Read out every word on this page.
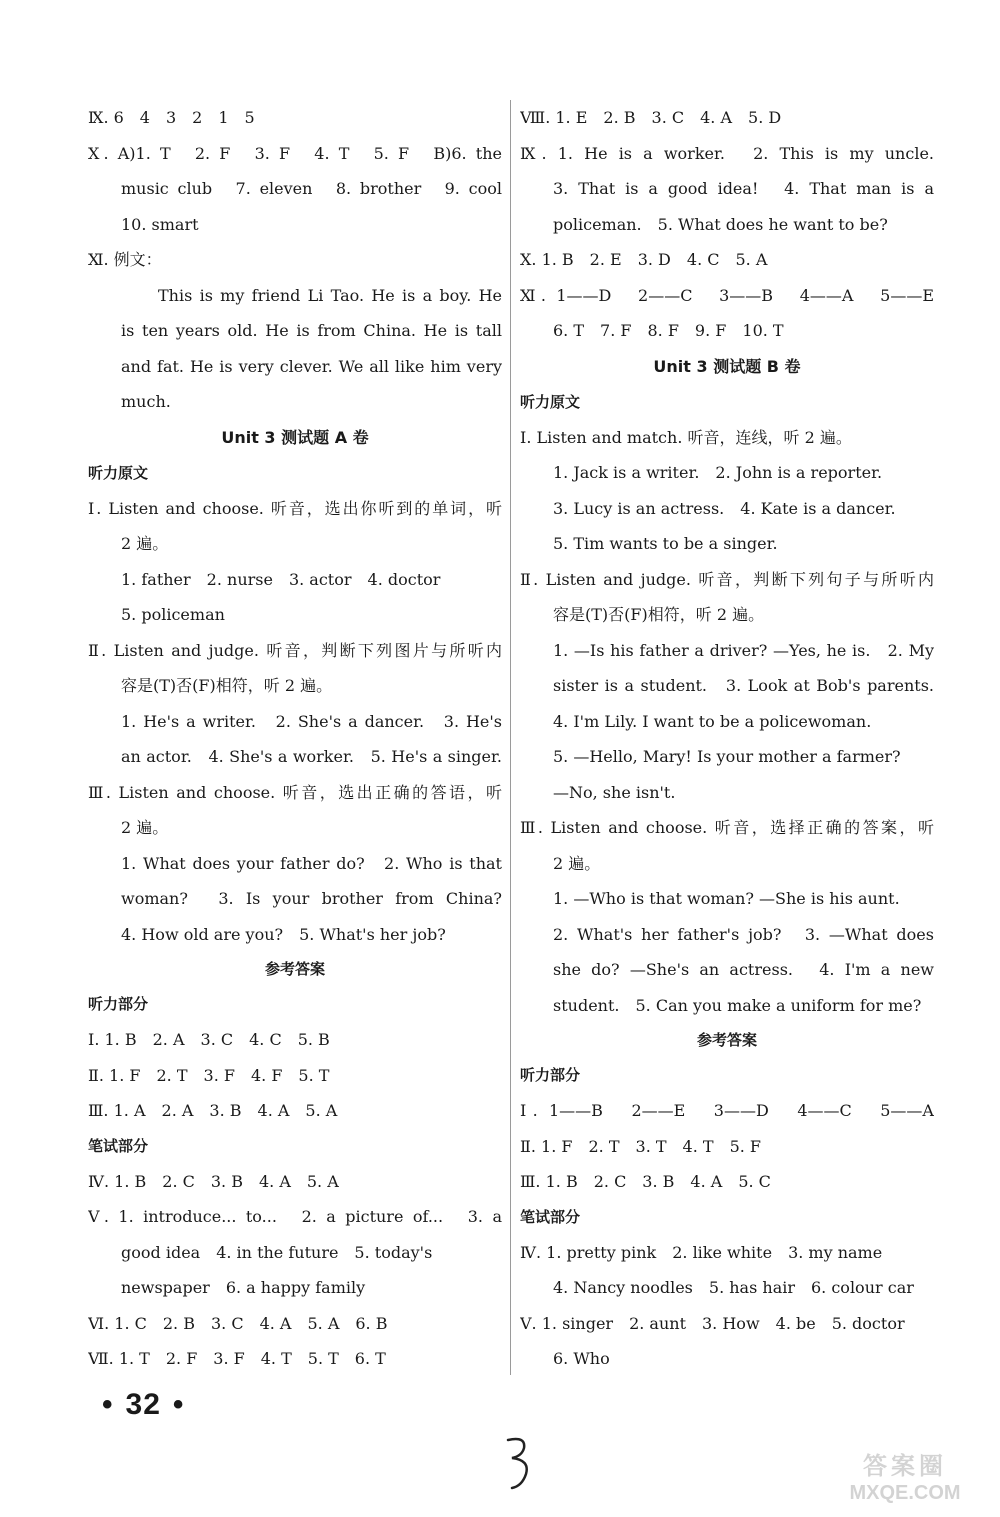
Ⅸ. 6　4　3　2　1　5
Ⅹ. A)1. T　2. F　3. F　4. T　5. F　B)6. the
music club　7. eleven　8. brother　9. cool
10. smart
Ⅺ. 例文：
This is my friend Li Tao. He is a boy. He
is ten years old. He is from China. He is tall
and fat. He is very clever. We all like him very
much.
Unit 3 测试题 A 卷
听力原文
Ⅰ. Listen and choose. 听音，选出你听到的单词，听
2 遍。
1. father　2. nurse　3. actor　4. doctor
5. policeman
Ⅱ. Listen and judge. 听音，判断下列图片与所听内
容是(T)否(F)相符，听 2 遍。
1. He's a writer.　2. She's a dancer.　3. He's
an actor.　4. She's a worker.　5. He's a singer.
Ⅲ. Listen and choose. 听音，选出正确的答语，听
2 遍。
1. What does your father do?　2. Who is that
woman?　3. Is your brother from China?
4. How old are you?　5. What's her job?
参考答案
听力部分
Ⅰ. 1. B　2. A　3. C　4. C　5. B
Ⅱ. 1. F　2. T　3. F　4. F　5. T
Ⅲ. 1. A　2. A　3. B　4. A　5. A
笔试部分
Ⅳ. 1. B　2. C　3. B　4. A　5. A
Ⅴ. 1. introduce... to...　2. a picture of...　3. a
good idea　4. in the future　5. today's
newspaper　6. a happy family
Ⅵ. 1. C　2. B　3. C　4. A　5. A　6. B
Ⅶ. 1. T　2. F　3. F　4. T　5. T　6. T
Ⅷ. 1. E　2. B　3. C　4. A　5. D
Ⅸ. 1. He is a worker.　2. This is my uncle.
3. That is a good idea!　4. That man is a
policeman.　5. What does he want to be?
Ⅹ. 1. B　2. E　3. D　4. C　5. A
Ⅺ. 1——D　2——C　3——B　4——A　5——E
6. T　7. F　8. F　9. F　10. T
Unit 3 测试题 B 卷
听力原文
Ⅰ. Listen and match. 听音，连线，听 2 遍。
1. Jack is a writer.　2. John is a reporter.
3. Lucy is an actress.　4. Kate is a dancer.
5. Tim wants to be a singer.
Ⅱ. Listen and judge. 听音，判断下列句子与所听内
容是(T)否(F)相符，听 2 遍。
1. —Is his father a driver? —Yes, he is.　2. My
sister is a student.　3. Look at Bob's parents.
4. I'm Lily. I want to be a policewoman.
5. —Hello, Mary! Is your mother a farmer?
—No, she isn't.
Ⅲ. Listen and choose. 听音，选择正确的答案，听
2 遍。
1. —Who is that woman? —She is his aunt.
2. What's her father's job?　3. —What does
she do? —She's an actress.　4. I'm a new
student.　5. Can you make a uniform for me?
参考答案
听力部分
Ⅰ. 1——B　2——E　3——D　4——C　5——A
Ⅱ. 1. F　2. T　3. T　4. T　5. F
Ⅲ. 1. B　2. C　3. B　4. A　5. C
笔试部分
Ⅳ. 1. pretty pink　2. like white　3. my name
4. Nancy noodles　5. has hair　6. colour car
Ⅴ. 1. singer　2. aunt　3. How　4. be　5. doctor
6. Who
• 32 •
答案圈
MXQE.COM
